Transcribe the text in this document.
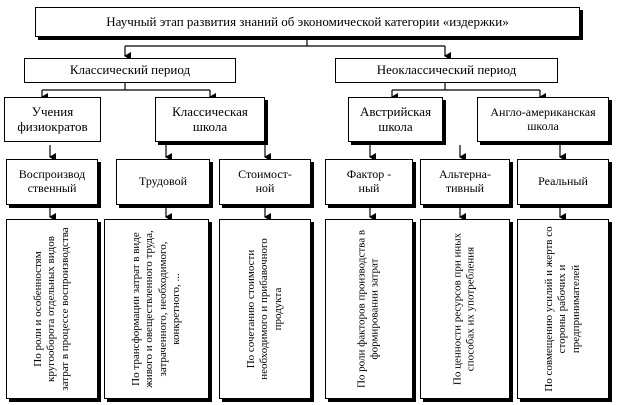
Научный этап развития знаний об экономической категории «издержки»
Классический период	Неоклассический период
Учения
физиократов
Классическая
школа
Австрийская
школа
Англо-американская
школа
Воспроизвод
ственный	Трудовой	Стоимост-
ной
Фактор -
ный
Альтерна-
тивный	Реальный
По роли и особенностям кругооборота отдельных видов затрат в процессе воспроизводства	По трансформации затрат в виде живого и овеществленного труда, затраченного, необходимого, конкретного, ...	По сочетанию стоимости необходимого и прибавочного продукта	По роли факторов производства в формировании затрат	По ценности ресурсов при иных способах их употребления	По совмещению усилий и жертв со стороны рабочих и предпринимателей
